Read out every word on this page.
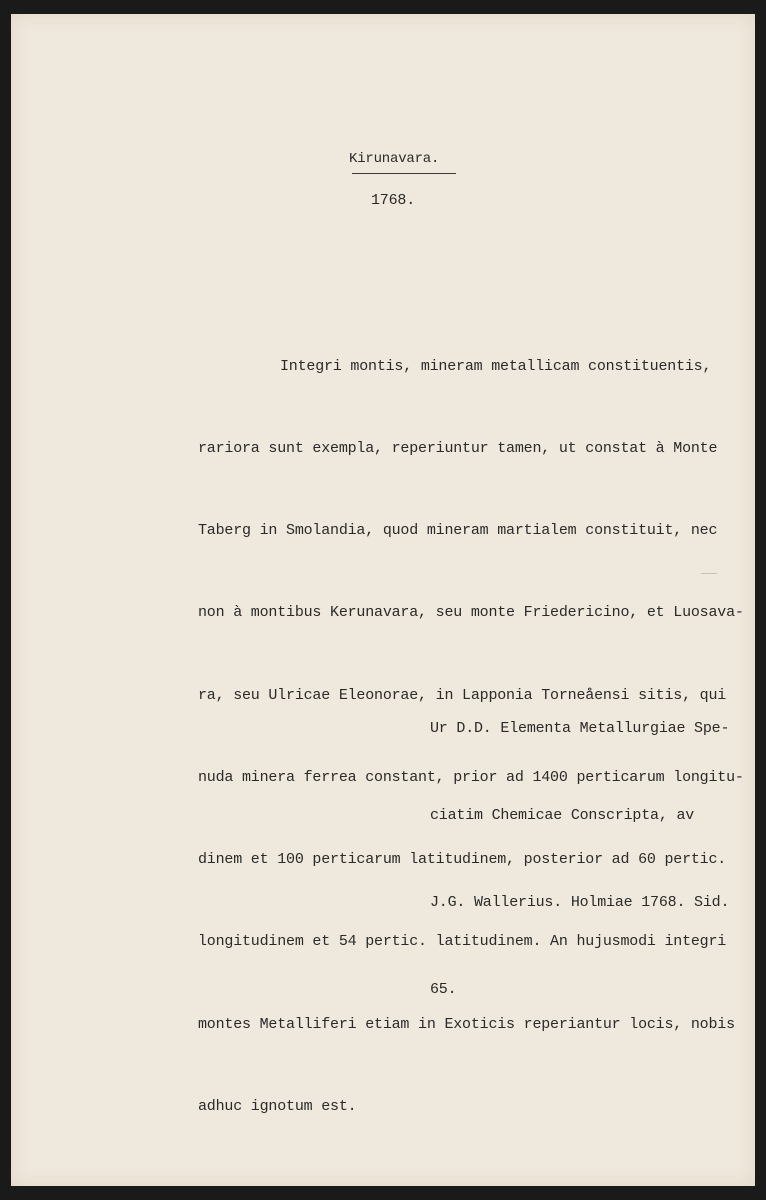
Kirunavara.
1768.

Integri montis, mineram metallicam constituentis,

rariora sunt exempla, reperiuntur tamen, ut constat à Monte

Taberg in Smolandia, quod mineram martialem constituit, nec

non à montibus Kerunavara, seu monte Friedericino, et Luosava-

ra, seu Ulricae Eleonorae, in Lapponia Torneåensi sitis, qui

nuda minera ferrea constant, prior ad 1400 perticarum longitu-

dinem et 100 perticarum latitudinem, posterior ad 60 pertic.

longitudinem et 54 pertic. latitudinem. An hujusmodi integri

montes Metalliferi etiam in Exoticis reperiantur locis, nobis

adhuc ignotum est.

Ur D.D. Elementa Metallurgiae Spe-

ciatim Chemicae Conscripta, av

J.G. Wallerius. Holmiae 1768. Sid.

65.
